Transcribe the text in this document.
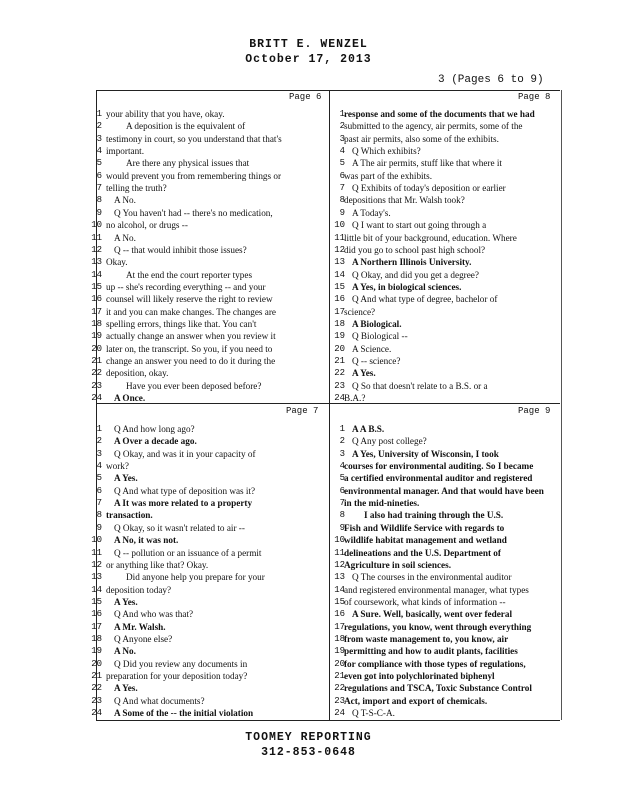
BRITT E. WENZEL
October 17, 2013
3 (Pages 6 to 9)
Page 6
1 your ability that you have, okay.
2	A deposition is the equivalent of
3 testimony in court, so you understand that that's
4 important.
5	Are there any physical issues that
6 would prevent you from remembering things or
7 telling the truth?
8 A No.
9 Q You haven't had -- there's no medication,
10 no alcohol, or drugs --
11 A No.
12 Q -- that would inhibit those issues?
13 Okay.
14	At the end the court reporter types
15 up -- she's recording everything -- and your
16 counsel will likely reserve the right to review
17 it and you can make changes. The changes are
18 spelling errors, things like that. You can't
19 actually change an answer when you review it
20 later on, the transcript. So you, if you need to
21 change an answer you need to do it during the
22 deposition, okay.
23	Have you ever been deposed before?
24 A Once.
Page 8
1 response and some of the documents that we had
2 submitted to the agency, air permits, some of the
3 past air permits, also some of the exhibits.
4 Q Which exhibits?
5 A The air permits, stuff like that where it
6 was part of the exhibits.
7 Q Exhibits of today's deposition or earlier
8 depositions that Mr. Walsh took?
9 A Today's.
10 Q I want to start out going through a
11 little bit of your background, education. Where
12 did you go to school past high school?
13 A Northern Illinois University.
14 Q Okay, and did you get a degree?
15 A Yes, in biological sciences.
16 Q And what type of degree, bachelor of
17 science?
18 A Biological.
19 Q Biological --
20 A Science.
21 Q -- science?
22 A Yes.
23 Q So that doesn't relate to a B.S. or a
24 B.A.?
Page 7
1 Q And how long ago?
2 A Over a decade ago.
3 Q Okay, and was it in your capacity of
4 work?
5 A Yes.
6 Q And what type of deposition was it?
7 A It was more related to a property
8 transaction.
9 Q Okay, so it wasn't related to air --
10 A No, it was not.
11 Q -- pollution or an issuance of a permit
12 or anything like that? Okay.
13	Did anyone help you prepare for your
14 deposition today?
15 A Yes.
16 Q And who was that?
17 A Mr. Walsh.
18 Q Anyone else?
19 A No.
20 Q Did you review any documents in
21 preparation for your deposition today?
22 A Yes.
23 Q And what documents?
24 A Some of the -- the initial violation
Page 9
1 A A B.S.
2 Q Any post college?
3 A Yes, University of Wisconsin, I took
4 courses for environmental auditing. So I became
5 a certified environmental auditor and registered
6 environmental manager. And that would have been
7 in the mid-nineties.
8 I also had training through the U.S.
9 Fish and Wildlife Service with regards to
10 wildlife habitat management and wetland
11 delineations and the U.S. Department of
12 Agriculture in soil sciences.
13 Q The courses in the environmental auditor
14 and registered environmental manager, what types
15 of coursework, what kinds of information --
16 A Sure. Well, basically, went over federal
17 regulations, you know, went through everything
18 from waste management to, you know, air
19 permitting and how to audit plants, facilities
20 for compliance with those types of regulations,
21 even got into polychlorinated biphenyl
22 regulations and TSCA, Toxic Substance Control
23 Act, import and export of chemicals.
24 Q T-S-C-A.
TOOMEY REPORTING
312-853-0648
